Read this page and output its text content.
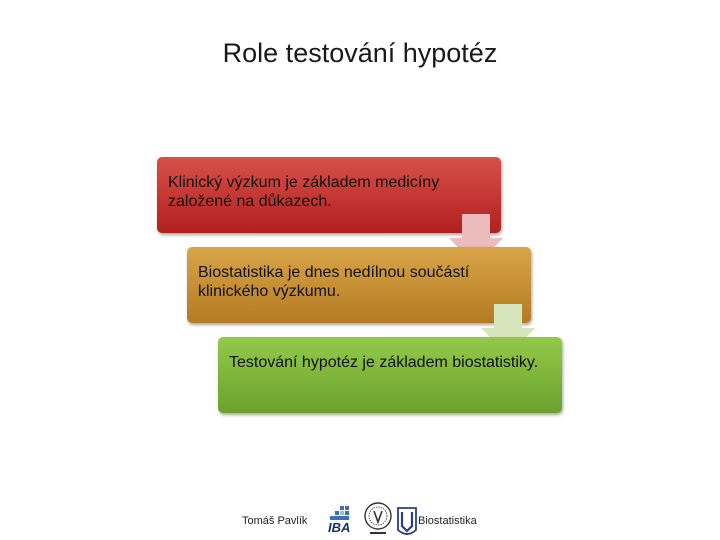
Role testování hypotéz
Klinický výzkum je základem medicíny založené na důkazech.
Biostatistika je dnes nedílnou součástí klinického výzkumu.
Testování hypotéz je základem biostatistiky.
Tomáš Pavlík IBA	Biostatistika
